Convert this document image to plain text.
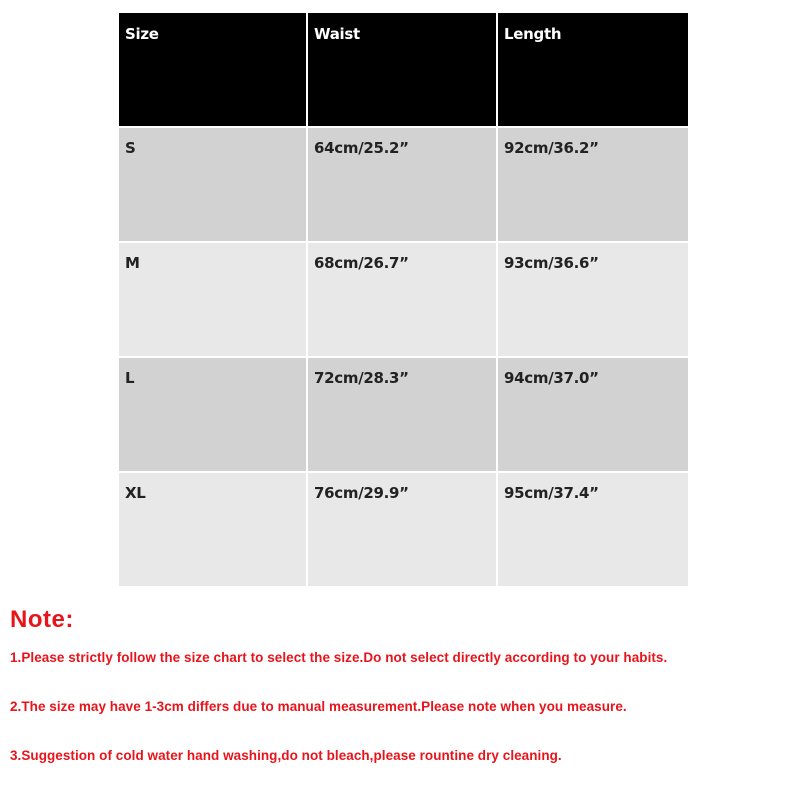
Size	Waist	Length
S	64cm/25.2”	92cm/36.2”
M	68cm/26.7”	93cm/36.6”
L	72cm/28.3”	94cm/37.0”
XL	76cm/29.9”	95cm/37.4”
Note:

1.Please strictly follow the size chart to select the size.Do not select directly according to your habits.

2.The size may have 1-3cm differs due to manual measurement.Please note when you measure.

3.Suggestion of cold water hand washing,do not bleach,please rountine dry cleaning.
